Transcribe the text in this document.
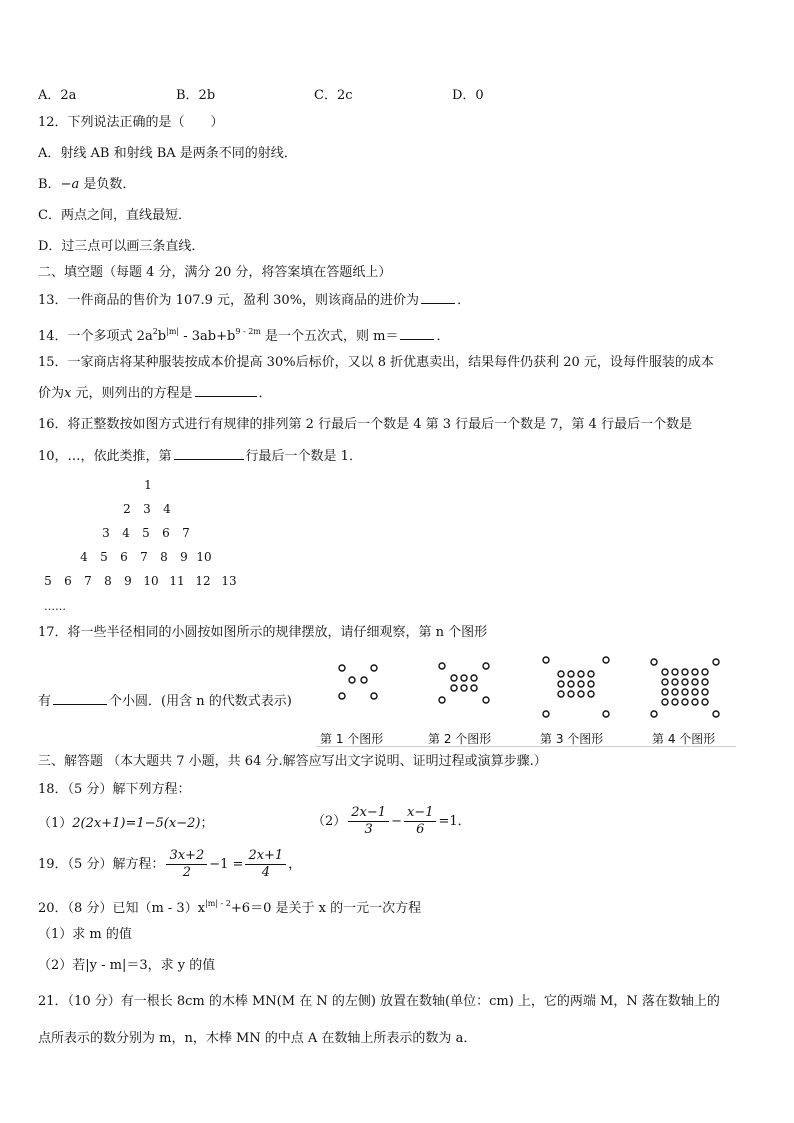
A．2a	B．2b	C．2c	D．0
12．下列说法正确的是（　　）
A．射线 AB 和射线 BA 是两条不同的射线．
B．−a 是负数．
C．两点之间，直线最短．
D．过三点可以画三条直线．
二、填空题（每题 4 分，满分 20 分，将答案填在答题纸上）
13．一件商品的售价为 107.9 元，盈利 30%，则该商品的进价为	．
14．一个多项式 $2a^2b^{|m|} - 3ab+b^{9 - 2m}$ 是一个五次式，则 m＝	．
15．一家商店将某种服装按成本价提高 30%后标价，又以 8 折优惠卖出，结果每件仍获利 20 元，设每件服装的成本
价为x 元，则列出的方程是	．
16．将正整数按如图方式进行有规律的排列第 2 行最后一个数是 4 第 3 行最后一个数是 7，第 4 行最后一个数是
10，…，依此类推，第	行最后一个数是 1．
1
2 3 4
3 4 5 6 7
4 5 6 7 8 9 10
5 6 7 8 9 10 11 12 13
……
17．将一些半径相同的小圆按如图所示的规律摆放，请仔细观察，第 n 个图形
有	个小圆．(用含 n 的代数式表示)
第 1 个图形	第 2 个图形	第 3 个图形	第 4 个图形
三、解答题 （本大题共 7 小题，共 64 分.解答应写出文字说明、证明过程或演算步骤.）
18．（5 分）解下列方程：
（1）2(2x+1)=1−5(x−2)；	$(2) \frac{2x-1}{3} - \frac{x-1}{6} =1$．
19．（5 分）解方程： $\frac{3x+2}{2} -1 = \frac{2x+1}{4}$ ，
20．（8 分）已知$(m - 3)x^{|m| - 2}+6=0$ 是关于 x 的一元一次方程
（1）求 m 的值
（2）若|y - m|＝3，求 y 的值
21．（10 分）有一根长 8cm 的木棒 MN(M 在 N 的左侧) 放置在数轴(单位：cm) 上，它的两端 M，N 落在数轴上的
点所表示的数分别为 m，n，木棒 MN 的中点 A 在数轴上所表示的数为 a．
